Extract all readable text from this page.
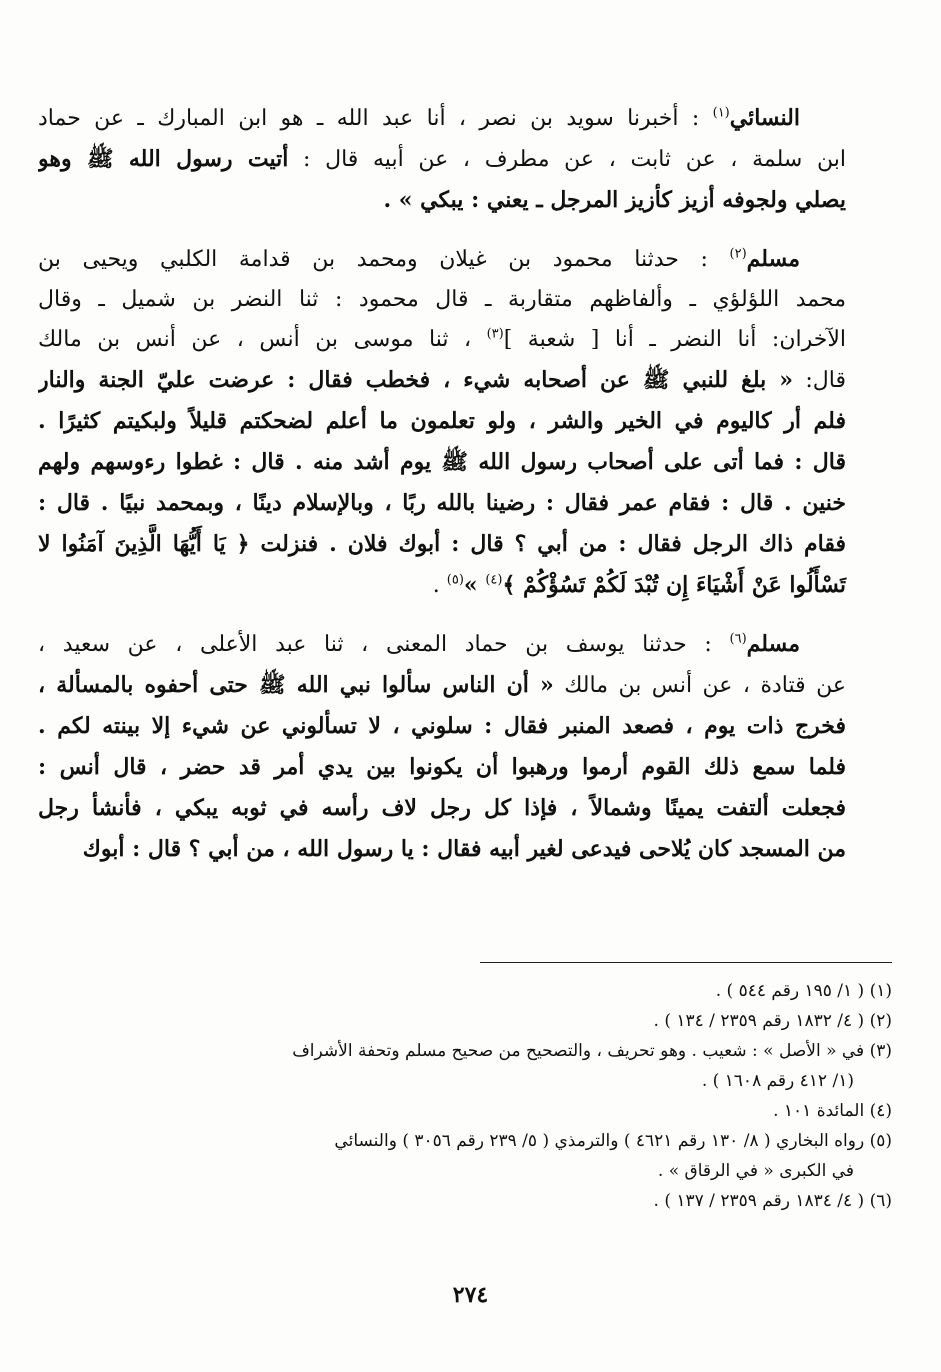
النسائي$^{(١)}$ : أخبرنا سويد بن نصر ، أنا عبد الله ـ هو ابن المبارك ـ عن حماد
ابن سلمة ، عن ثابت ، عن مطرف ، عن أبيه قال : أتيت رسول الله ﷺ وهو
يصلي ولجوفه أزيز كأزيز المرجل ـ يعني : يبكي » .
مسلم$^{(٢)}$ : حدثنا محمود بن غيلان ومحمد بن قدامة الكلبي ويحيى بن
محمد اللؤلؤي ـ وألفاظهم متقاربة ـ قال محمود : ثنا النضر بن شميل ـ وقال
الآخران: أنا النضر ـ أنا [ شعبة ]$^{(٣)}$ ، ثنا موسى بن أنس ، عن أنس بن مالك
قال: « بلغ للنبي ﷺ عن أصحابه شيء ، فخطب فقال : عرضت عليّ الجنة والنار
فلم أر كاليوم في الخير والشر ، ولو تعلمون ما أعلم لضحكتم قليلاً ولبكيتم كثيرًا .
قال : فما أتى على أصحاب رسول الله ﷺ يوم أشد منه . قال : غطوا رءوسهم ولهم
خنين . قال : فقام عمر فقال : رضينا بالله ربًا ، وبالإسلام دينًا ، وبمحمد نبيًا . قال :
فقام ذاك الرجل فقال : من أبي ؟ قال : أبوك فلان . فنزلت ﴿ يَا أَيُّهَا الَّذِينَ آمَنُوا لا
تَسْأَلُوا عَنْ أَشْيَاءَ إِن تُبْدَ لَكُمْ تَسُؤْكُمْ ﴾$^{(٤)}$ »$^{(٥)}$ .
مسلم$^{(٦)}$ : حدثنا يوسف بن حماد المعنى ، ثنا عبد الأعلى ، عن سعيد ،
عن قتادة ، عن أنس بن مالك « أن الناس سألوا نبي الله ﷺ حتى أحفوه بالمسألة ،
فخرج ذات يوم ، فصعد المنبر فقال : سلوني ، لا تسألوني عن شيء إلا بينته لكم .
فلما سمع ذلك القوم أرموا ورهبوا أن يكونوا بين يدي أمر قد حضر ، قال أنس :
فجعلت ألتفت يمينًا وشمالاً ، فإذا كل رجل لاف رأسه في ثوبه يبكي ، فأنشأ رجل
من المسجد كان يُلاحى فيدعى لغير أبيه فقال : يا رسول الله ، من أبي ؟ قال : أبوك
(١) ( ١/ ١٩٥ رقم ٥٤٤ ) .
(٢) ( ٤/ ١٨٣٢ رقم ٢٣٥٩ / ١٣٤ ) .
(٣) في « الأصل » : شعيب . وهو تحريف ، والتصحيح من صحيح مسلم وتحفة الأشراف
(١/ ٤١٢ رقم ١٦٠٨ ) .
(٤) المائدة ١٠١ .
(٥) رواه البخاري ( ٨/ ١٣٠ رقم ٤٦٢١ ) والترمذي ( ٥/ ٢٣٩ رقم ٣٠٥٦ ) والنسائي
في الكبرى « في الرقاق » .
(٦) ( ٤/ ١٨٣٤ رقم ٢٣٥٩ / ١٣٧ ) .
٢٧٤
